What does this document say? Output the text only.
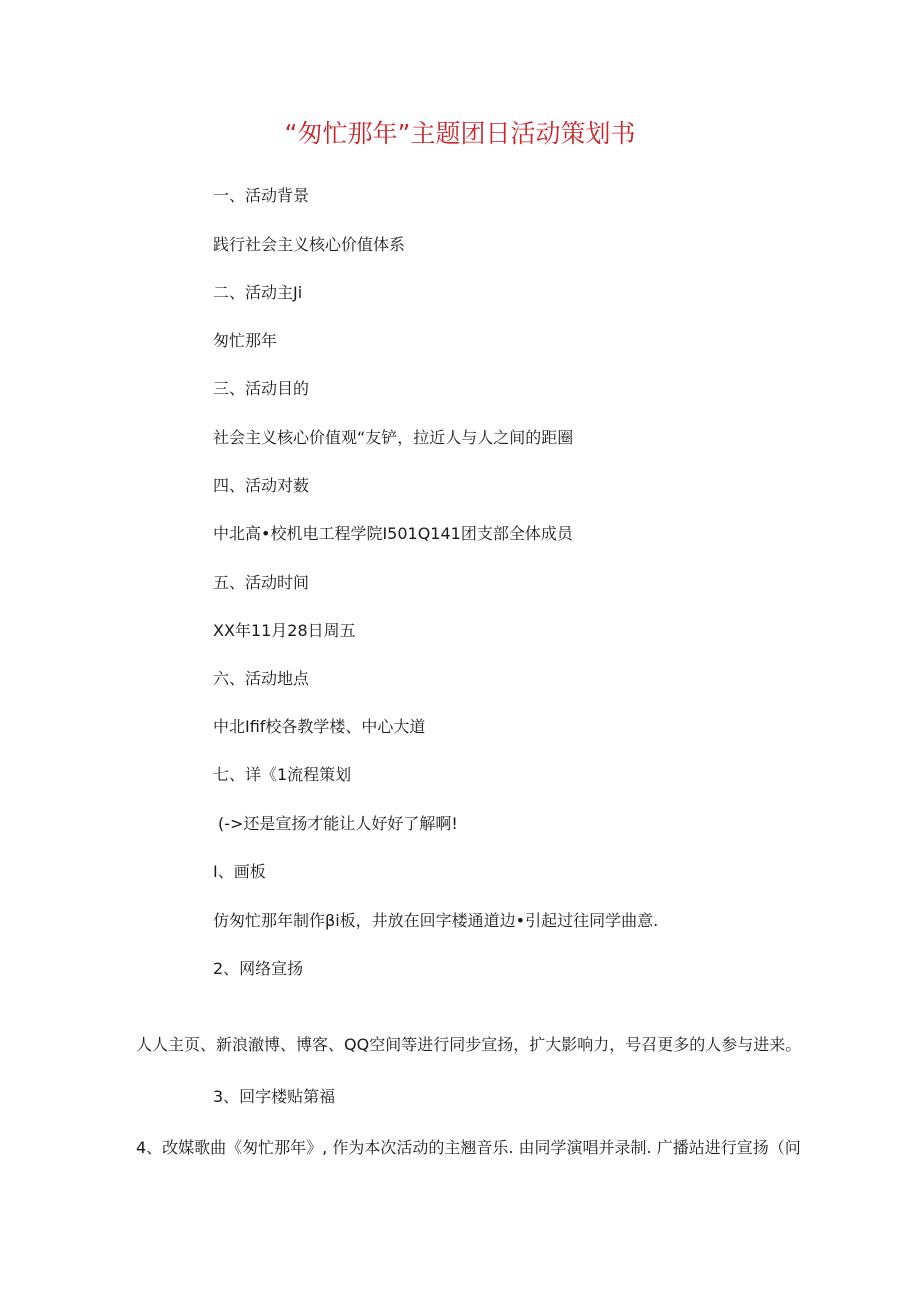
“匆忙那年”主题团日活动策划书
一、活动背景
践行社会主义核心价值体系
二、活动主Ji
匆忙那年
三、活动目的
社会主义核心价值观“友铲，拉近人与人之间的距圈
四、活动对薮
中北高•校机电工程学院I501Q141团支部全体成员
五、活动时间
XX年11月28日周五
六、活动地点
中北Ifif校各教学楼、中心大道
七、详《1流程策划
(->还是宣扬才能让人好好了解啊!
I、画板
仿匆忙那年制作βi板，井放在回字楼通道边•引起过往同学曲意.
2、网络宣扬
人人主页、新浪澈博、博客、QQ空间等进行同步宣扬，扩大影响力，号召更多的人参与进来。
3、回字楼贴第福
4、改媒歌曲《匆忙那年》, 作为本次活动的主翘音乐. 由同学演唱并录制. 广播站进行宣扬（问
